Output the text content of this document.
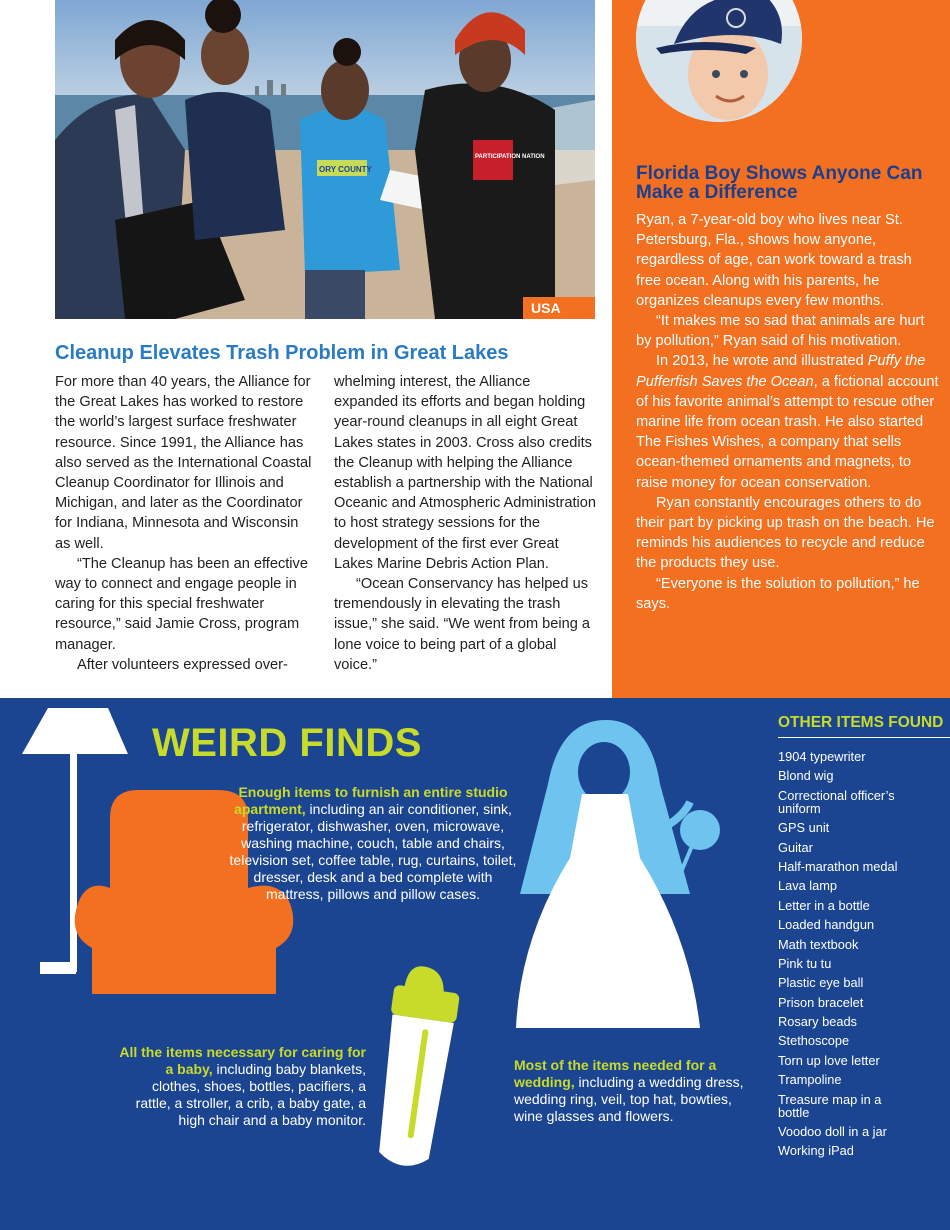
ORY COUNTY
PARTICIPATION NATION
USA
Cleanup Elevates Trash Problem in Great Lakes

For more than 40 years, the Alliance for the Great Lakes has worked to restore the world’s largest surface freshwater resource. Since 1991, the Alliance has also served as the International Coastal Cleanup Coordinator for Illinois and Michigan, and later as the Coordinator for Indiana, Minnesota and Wisconsin as well.

“The Cleanup has been an effective way to connect and engage people in caring for this special freshwater resource,” said Jamie Cross, program manager.

After volunteers expressed over-

whelming interest, the Alliance expanded its efforts and began holding year-round cleanups in all eight Great Lakes states in 2003. Cross also credits the Cleanup with helping the Alliance establish a partnership with the National Oceanic and Atmospheric Administration to host strategy sessions for the development of the first ever Great Lakes Marine Debris Action Plan.

“Ocean Conservancy has helped us tremendously in elevating the trash issue,” she said. “We went from being a lone voice to being part of a global voice.”

Florida Boy Shows Anyone Can Make a Difference

Ryan, a 7-year-old boy who lives near St. Petersburg, Fla., shows how anyone, regardless of age, can work toward a trash free ocean. Along with his parents, he organizes cleanups every few months.

“It makes me so sad that animals are hurt by pollution,” Ryan said of his motivation.

In 2013, he wrote and illustrated Puffy the Pufferfish Saves the Ocean, a fictional account of his favorite animal’s attempt to rescue other marine life from ocean trash. He also started The Fishes Wishes, a company that sells ocean-themed ornaments and magnets, to raise money for ocean conservation.

Ryan constantly encourages others to do their part by picking up trash on the beach. He reminds his audiences to recycle and reduce the products they use.

“Everyone is the solution to pollution,” he says.

WEIRD FINDS
Enough items to furnish an entire studio apartment, including an air conditioner, sink, refrigerator, dishwasher, oven, microwave, washing machine, couch, table and chairs, television set, coffee table, rug, curtains, toilet, dresser, desk and a bed complete with mattress, pillows and pillow cases.
All the items necessary for caring for a baby, including baby blankets, clothes, shoes, bottles, pacifiers, a rattle, a stroller, a crib, a baby gate, a high chair and a baby monitor.
Most of the items needed for a wedding, including a wedding dress, wedding ring, veil, top hat, bowties, wine glasses and flowers.
OTHER ITEMS FOUND
1904 typewriter
Blond wig
Correctional officer’s uniform
GPS unit
Guitar
Half-marathon medal
Lava lamp
Letter in a bottle
Loaded handgun
Math textbook
Pink tu tu
Plastic eye ball
Prison bracelet
Rosary beads
Stethoscope
Torn up love letter
Trampoline
Treasure map in a bottle
Voodoo doll in a jar
Working iPad
